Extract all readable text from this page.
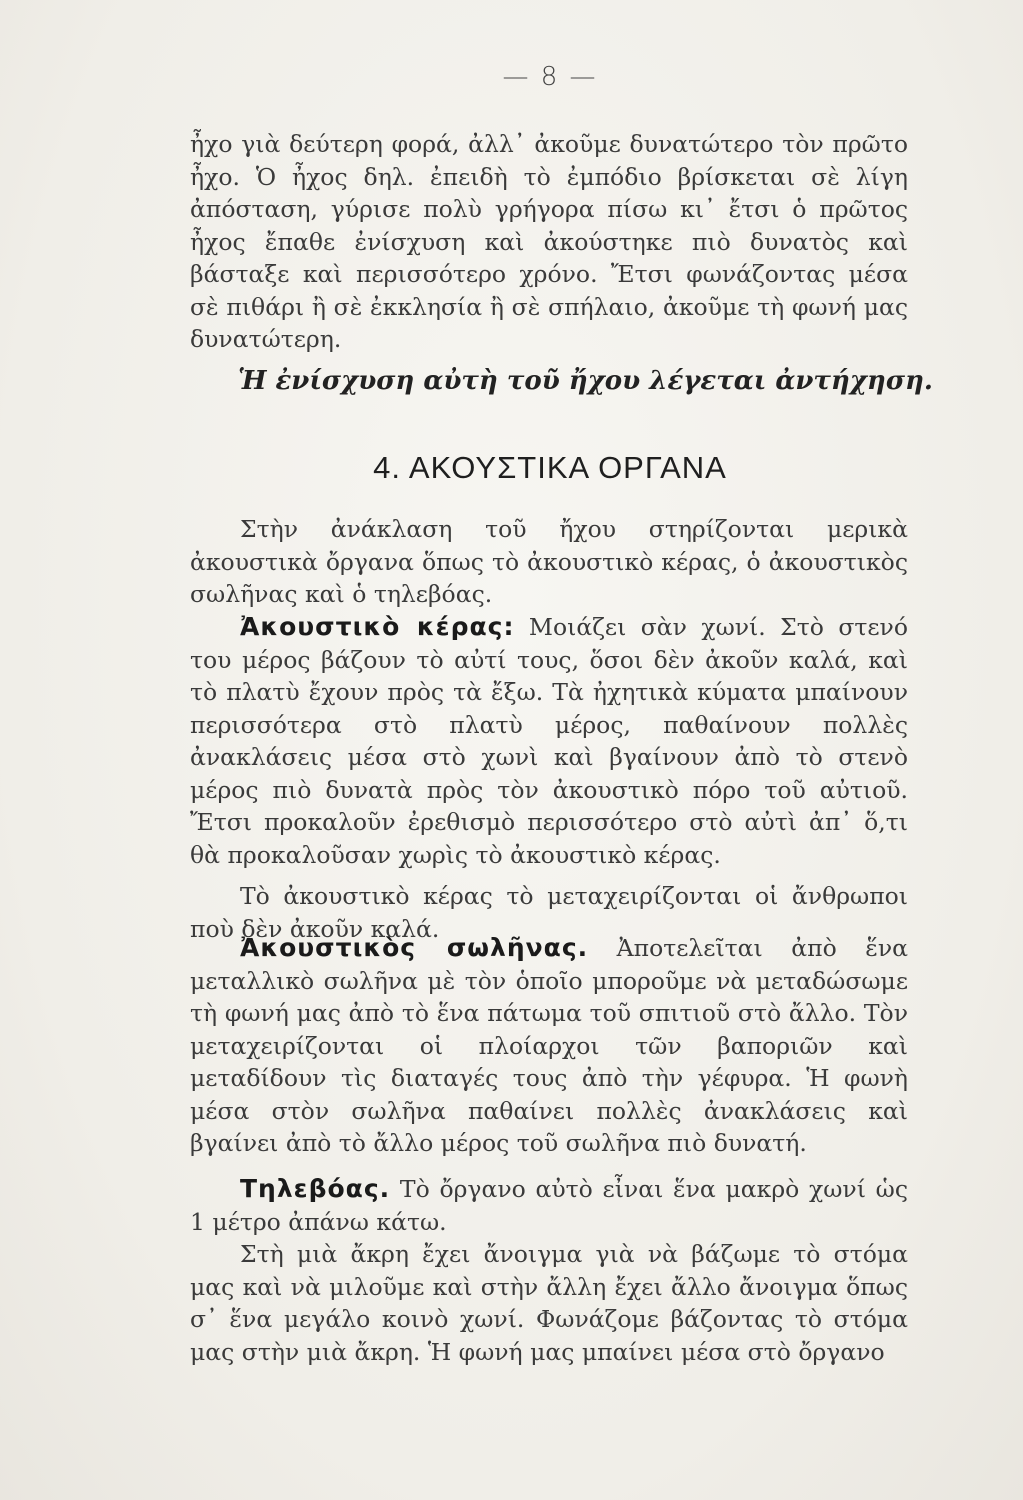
— 8 —

ἦχο γιὰ δεύτερη φορά, ἀλλ᾽ ἀκοῦμε δυνατώτερο τὸν πρῶτο ἦχο. Ὁ ἦχος δηλ. ἐπειδὴ τὸ ἐμπόδιο βρίσκεται σὲ λίγη ἀπόσταση, γύρισε πολὺ γρήγορα πίσω κι᾽ ἔτσι ὁ πρῶτος ἦχος ἔπαθε ἐνίσχυση καὶ ἀκούστηκε πιὸ δυνατὸς καὶ βάσταξε καὶ περισσότερο χρόνο. Ἔτσι φωνάζοντας μέσα σὲ πιθάρι ἢ σὲ ἐκκλησία ἢ σὲ σπήλαιο, ἀκοῦμε τὴ φωνή μας δυνατώτερη.

Ἡ ἐνίσχυση αὐτὴ τοῦ ἤχου λέγεται ἀντήχηση.
4. ΑΚΟΥΣΤΙΚΑ ΟΡΓΑΝΑ

Στὴν ἀνάκλαση τοῦ ἤχου στηρίζονται μερικὰ ἀκουστικὰ ὄργανα ὅπως τὸ ἀκουστικὸ κέρας, ὁ ἀκουστικὸς σωλῆνας καὶ ὁ τηλεβόας.

Ἀκουστικὸ κέρας: Μοιάζει σὰν χωνί. Στὸ στενό του μέρος βάζουν τὸ αὐτί τους, ὅσοι δὲν ἀκοῦν καλά, καὶ τὸ πλατὺ ἔχουν πρὸς τὰ ἔξω. Τὰ ἠχητικὰ κύματα μπαίνουν περισσότερα στὸ πλατὺ μέρος, παθαίνουν πολλὲς ἀνακλάσεις μέσα στὸ χωνὶ καὶ βγαίνουν ἀπὸ τὸ στενὸ μέρος πιὸ δυνατὰ πρὸς τὸν ἀκουστικὸ πόρο τοῦ αὐτιοῦ. Ἔτσι προκαλοῦν ἐρεθισμὸ περισσότερο στὸ αὐτὶ ἀπ᾽ ὅ,τι θὰ προκαλοῦσαν χωρὶς τὸ ἀκουστικὸ κέρας.

Τὸ ἀκουστικὸ κέρας τὸ μεταχειρίζονται οἱ ἄνθρωποι ποὺ δὲν ἀκοῦν καλά.

Ἀκουστικὸς σωλῆνας. Ἀποτελεῖται ἀπὸ ἕνα μεταλλικὸ σωλῆνα μὲ τὸν ὁποῖο μποροῦμε νὰ μεταδώσωμε τὴ φωνή μας ἀπὸ τὸ ἕνα πάτωμα τοῦ σπιτιοῦ στὸ ἄλλο. Τὸν μεταχειρίζονται οἱ πλοίαρχοι τῶν βαποριῶν καὶ μεταδίδουν τὶς διαταγές τους ἀπὸ τὴν γέφυρα. Ἡ φωνὴ μέσα στὸν σωλῆνα παθαίνει πολλὲς ἀνακλάσεις καὶ βγαίνει ἀπὸ τὸ ἄλλο μέρος τοῦ σωλῆνα πιὸ δυνατή.

Τηλεβόας. Τὸ ὄργανο αὐτὸ εἶναι ἕνα μακρὸ χωνί ὡς 1 μέτρο ἀπάνω κάτω.

Στὴ μιὰ ἄκρη ἔχει ἄνοιγμα γιὰ νὰ βάζωμε τὸ στόμα μας καὶ νὰ μιλοῦμε καὶ στὴν ἄλλη ἔχει ἄλλο ἄνοιγμα ὅπως σ᾽ ἕνα μεγάλο κοινὸ χωνί. Φωνάζομε βάζοντας τὸ στόμα μας στὴν μιὰ ἄκρη. Ἡ φωνή μας μπαίνει μέσα στὸ ὄργανο
